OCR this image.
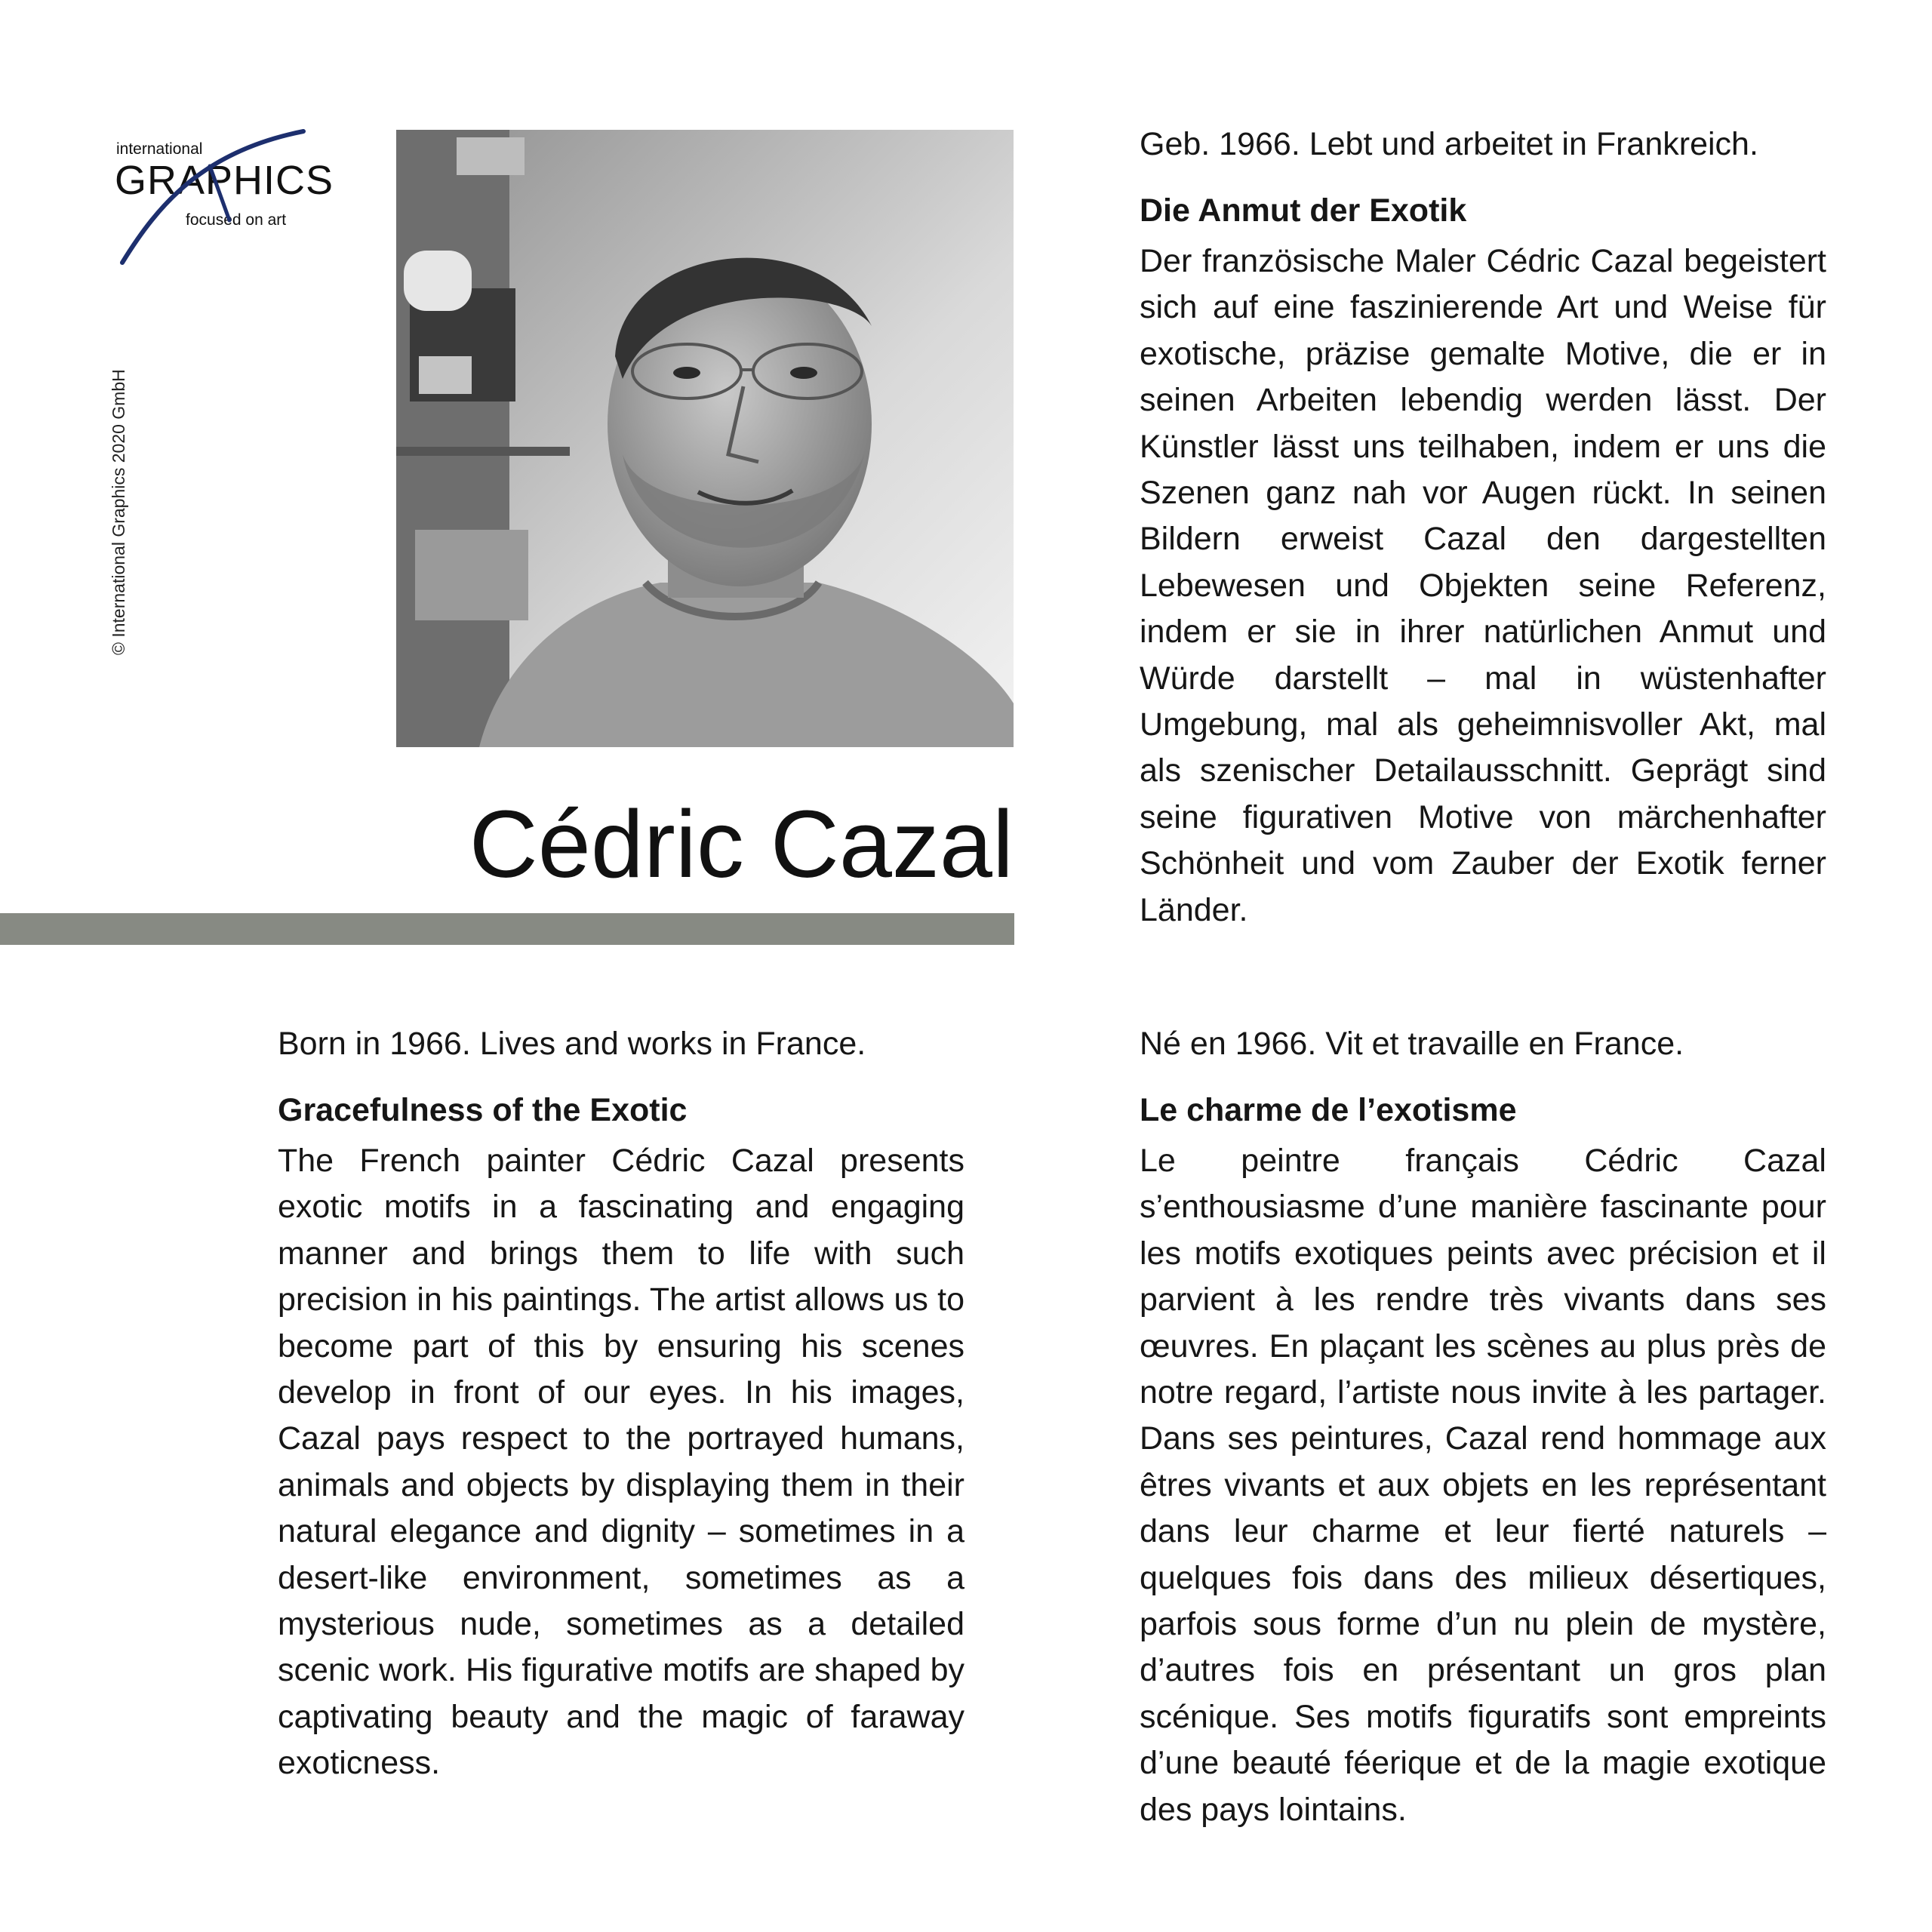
international
GRAPHICS
focused on art
© International Graphics 2020 GmbH
Cédric Cazal

Geb. 1966. Lebt und arbeitet in Frankreich.

Die Anmut der Exotik

Der französische Maler Cédric Cazal begeistert sich auf eine faszinierende Art und Weise für exotische, präzise gemalte Motive, die er in seinen Arbeiten lebendig werden lässt. Der Künstler lässt uns teilhaben, indem er uns die Szenen ganz nah vor Augen rückt. In seinen Bildern erweist Cazal den dargestellten Lebewesen und Objekten seine Referenz, indem er sie in ihrer natürlichen Anmut und Würde darstellt – mal in wüstenhafter Umgebung, mal als geheimnisvoller Akt, mal als szenischer Detailausschnitt. Geprägt sind seine figurativen Motive von märchenhafter Schönheit und vom Zauber der Exotik ferner Länder.

Born in 1966. Lives and works in France.

Gracefulness of the Exotic

The French painter Cédric Cazal presents exotic motifs in a fascinating and engaging manner and brings them to life with such precision in his paintings. The artist allows us to become part of this by ensuring his scenes develop in front of our eyes. In his images, Cazal pays respect to the portrayed humans, animals and objects by displaying them in their natural elegance and dignity – sometimes in a desert-like environment, sometimes as a mysterious nude, sometimes as a detailed scenic work. His figurative motifs are shaped by captivating beauty and the magic of faraway exoticness.

Né en 1966. Vit et travaille en France.

Le charme de l’exotisme

Le peintre français Cédric Cazal s’enthousiasme d’une manière fascinante pour les motifs exotiques peints avec précision et il parvient à les rendre très vivants dans ses œuvres. En plaçant les scènes au plus près de notre regard, l’artiste nous invite à les partager. Dans ses peintures, Cazal rend hommage aux êtres vivants et aux objets en les représentant dans leur charme et leur fierté naturels – quelques fois dans des milieux désertiques, parfois sous forme d’un nu plein de mystère, d’autres fois en présentant un gros plan scénique. Ses motifs figuratifs sont empreints d’une beauté féerique et de la magie exotique des pays lointains.
